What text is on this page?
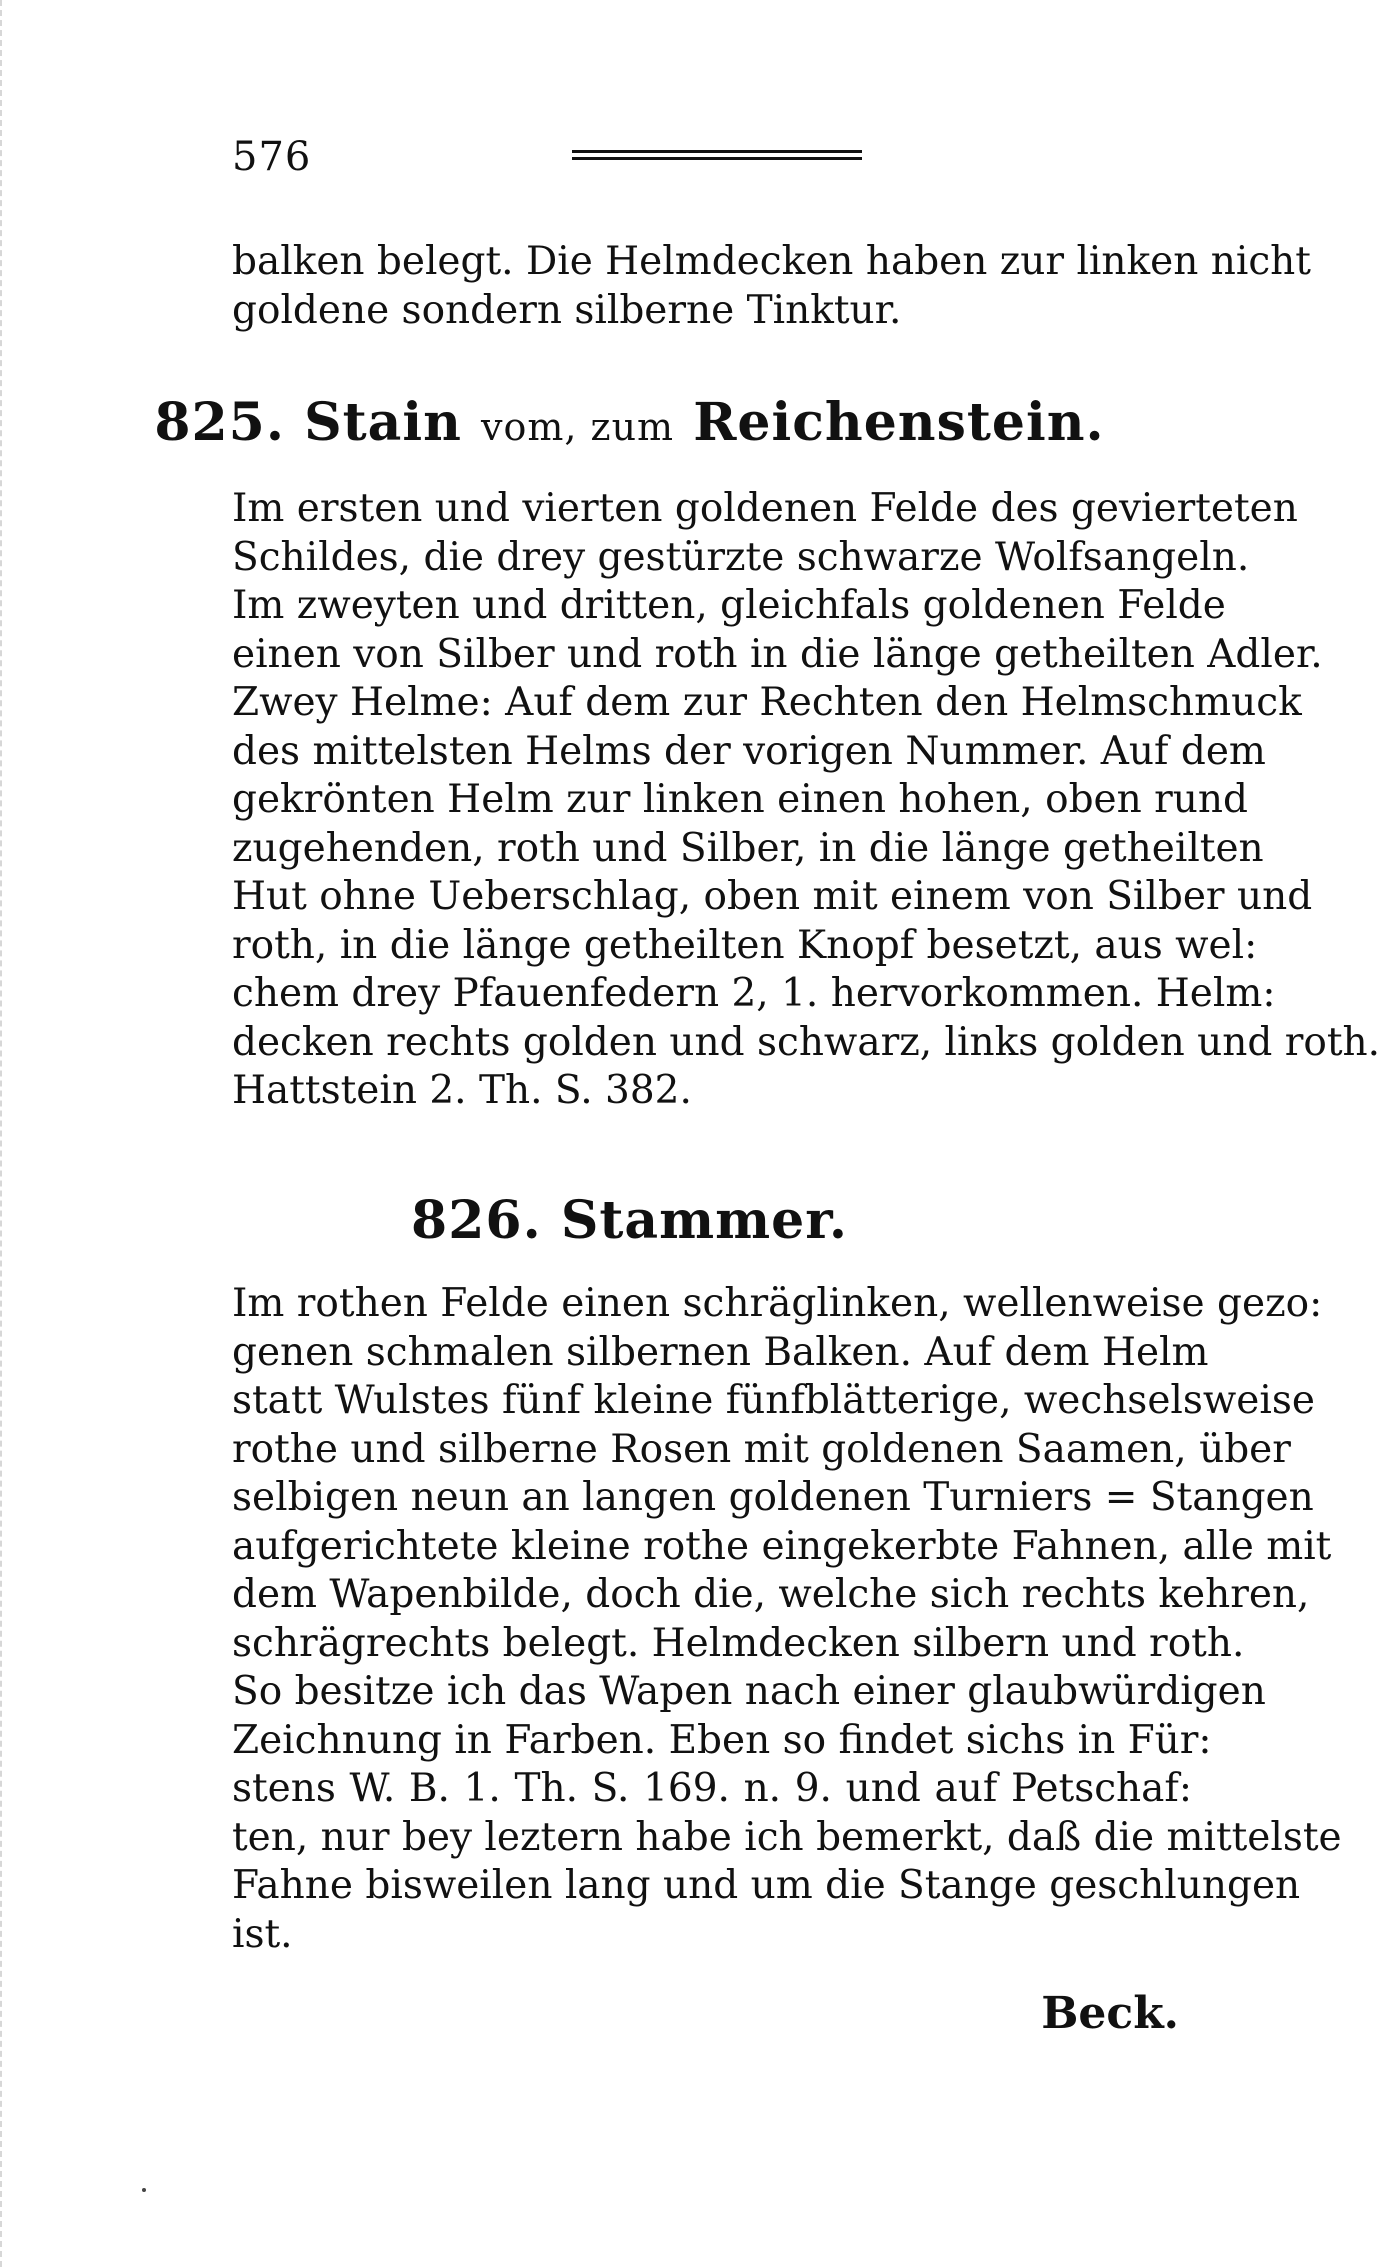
576
balken belegt. Die Helmdecken haben zur linken nicht
goldene sondern silberne Tinktur.
825. Stain vom, zum Reichenstein.
Im ersten und vierten goldenen Felde des gevierteten
Schildes, die drey gestürzte schwarze Wolfsangeln.
Im zweyten und dritten, gleichfals goldenen Felde
einen von Silber und roth in die länge getheilten Adler.
Zwey Helme: Auf dem zur Rechten den Helmschmuck
des mittelsten Helms der vorigen Nummer. Auf dem
gekrönten Helm zur linken einen hohen, oben rund
zugehenden, roth und Silber, in die länge getheilten
Hut ohne Ueberschlag, oben mit einem von Silber und
roth, in die länge getheilten Knopf besetzt, aus wel:
chem drey Pfauenfedern 2, 1. hervorkommen. Helm:
decken rechts golden und schwarz, links golden und roth.
Hattstein 2. Th. S. 382.
826. Stammer.
Im rothen Felde einen schräglinken, wellenweise gezo:
genen schmalen silbernen Balken. Auf dem Helm
statt Wulstes fünf kleine fünfblätterige, wechselsweise
rothe und silberne Rosen mit goldenen Saamen, über
selbigen neun an langen goldenen Turniers = Stangen
aufgerichtete kleine rothe eingekerbte Fahnen, alle mit
dem Wapenbilde, doch die, welche sich rechts kehren,
schrägrechts belegt. Helmdecken silbern und roth.
So besitze ich das Wapen nach einer glaubwürdigen
Zeichnung in Farben. Eben so findet sichs in Für:
stens W. B. 1. Th. S. 169. n. 9. und auf Petschaf:
ten, nur bey leztern habe ich bemerkt, daß die mittelste
Fahne bisweilen lang und um die Stange geschlungen
ist.
Beck.
